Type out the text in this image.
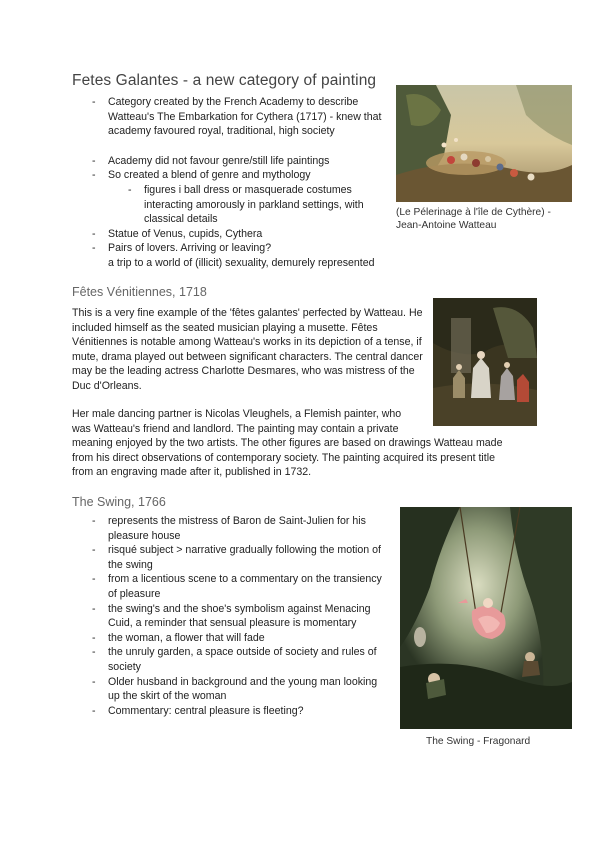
Fetes Galantes - a new category of painting
- Category created by the French Academy to describe Watteau's The Embarkation for Cythera (1717) - knew that academy favoured royal, traditional, high society
- Academy did not favour genre/still life paintings
- So created a blend of genre and mythology
- figures i ball dress or masquerade costumes interacting amorously in parkland settings, with classical details
- Statue of Venus, cupids, Cythera
- Pairs of lovers. Arriving or leaving?
a trip to a world of (illicit) sexuality, demurely represented
(Le Pélerinage à l'île de Cythère) - Jean-Antoine Watteau
Fêtes Vénitiennes, 1718
This is a very fine example of the 'fêtes galantes' perfected by Watteau. He included himself as the seated musician playing a musette. Fêtes Vénitiennes is notable among Watteau's works in its depiction of a tense, if mute, drama played out between significant characters. The central dancer may be the leading actress Charlotte Desmares, who was mistress of the Duc d'Orleans.
Her male dancing partner is Nicolas Vleughels, a Flemish painter, who
was Watteau's friend and landlord. The painting may contain a private
meaning enjoyed by the two artists. The other figures are based on drawings Watteau made
from his direct observations of contemporary society. The painting acquired its present title
from an engraving made after it, published in 1732.
The Swing, 1766
- represents the mistress of Baron de Saint-Julien for his pleasure house
- risqué subject > narrative gradually following the motion of the swing
- from a licentious scene to a commentary on the transiency of pleasure
- the swing's and the shoe's symbolism against Menacing Cuid, a reminder that sensual pleasure is momentary
- the woman, a flower that will fade
- the unruly garden, a space outside of society and rules of society
- Older husband in background and the young man looking up the skirt of the woman
- Commentary: central pleasure is fleeting?
The Swing - Fragonard
